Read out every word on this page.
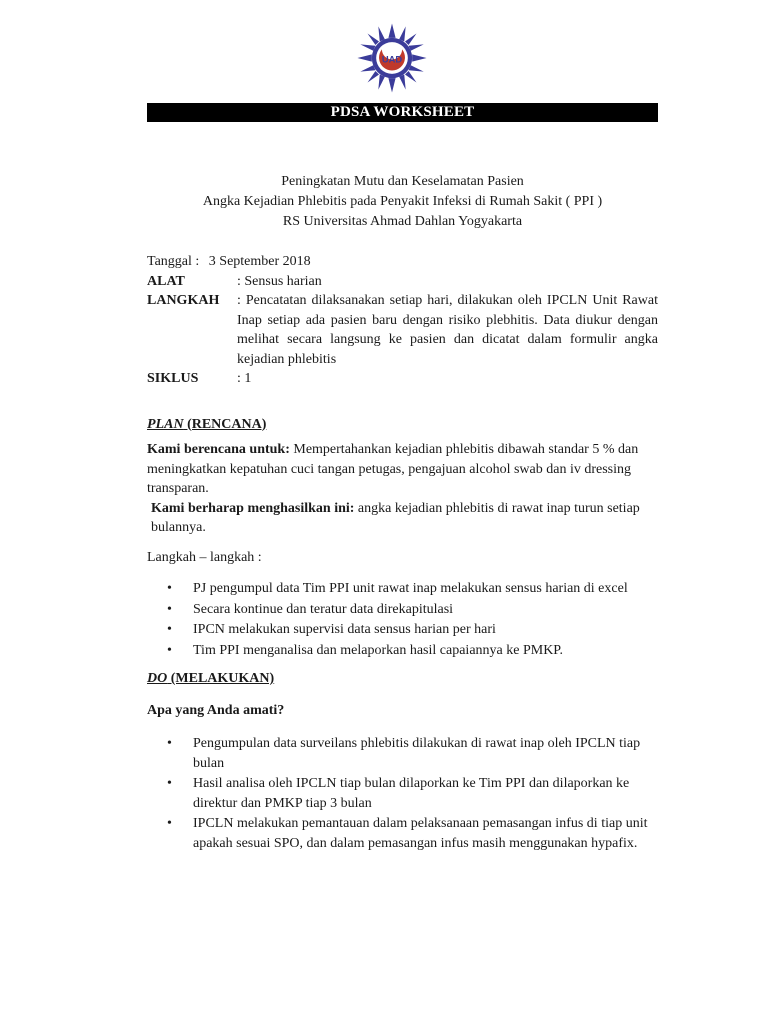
UAD
PDSA WORKSHEET
Peningkatan Mutu dan Keselamatan Pasien
Angka Kejadian Phlebitis pada Penyakit Infeksi di Rumah Sakit ( PPI )
RS Universitas Ahmad Dahlan Yogyakarta
Tanggal : 3 September 2018
ALAT	: Sensus harian
LANGKAH	: Pencatatan dilaksanakan setiap hari, dilakukan oleh IPCLN Unit Rawat Inap setiap ada pasien baru dengan risiko plebhitis. Data diukur dengan melihat secara langsung ke pasien dan dicatat dalam formulir angka kejadian phlebitis
SIKLUS	: 1
PLAN (RENCANA)
Kami berencana untuk: Mempertahankan kejadian phlebitis dibawah standar 5 % dan meningkatkan kepatuhan cuci tangan petugas, pengajuan alcohol swab dan iv dressing transparan.
Kami berharap menghasilkan ini: angka kejadian phlebitis di rawat inap turun setiap bulannya.
Langkah – langkah :
• PJ pengumpul data Tim PPI unit rawat inap melakukan sensus harian di excel
• Secara kontinue dan teratur data direkapitulasi
• IPCN melakukan supervisi data sensus harian per hari
• Tim PPI menganalisa dan melaporkan hasil capaiannya ke PMKP.
DO (MELAKUKAN)
Apa yang Anda amati?
• Pengumpulan data surveilans phlebitis dilakukan di rawat inap oleh IPCLN tiap bulan
• Hasil analisa oleh IPCLN tiap bulan dilaporkan ke Tim PPI dan dilaporkan ke direktur dan PMKP tiap 3 bulan
• IPCLN melakukan pemantauan dalam pelaksanaan pemasangan infus di tiap unit apakah sesuai SPO, dan dalam pemasangan infus masih menggunakan hypafix.
